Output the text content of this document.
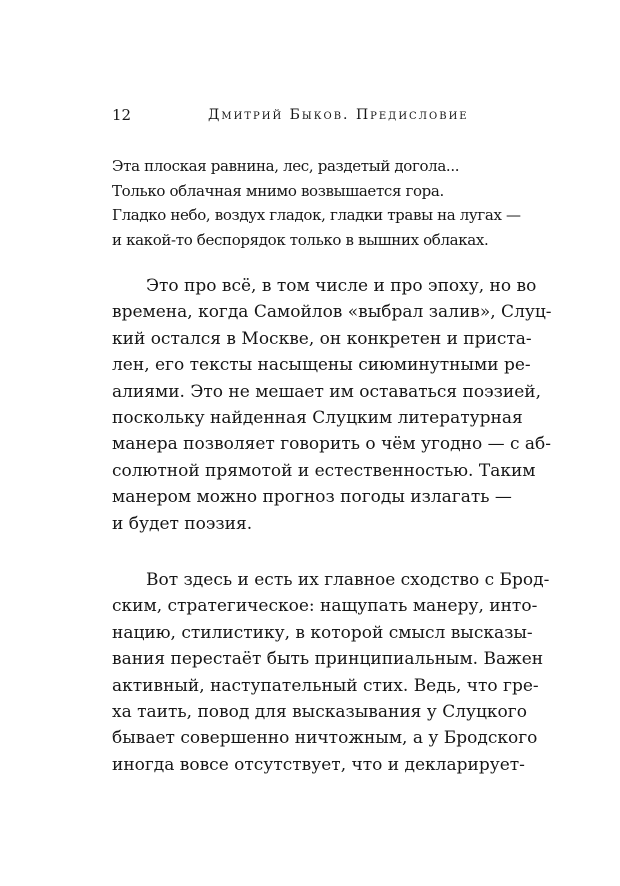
12	Дмитрий Быков. Предисловие
Эта плоская равнина, лес, раздетый догола...
Только облачная мнимо возвышается гора.
Гладко небо, воздух гладок, гладки травы на лугах —
и какой-то беспорядок только в вышних облаках.
Это про всё, в том числе и про эпоху, но во
времена, когда Самойлов «выбрал залив», Слуц-
кий остался в Москве, он конкретен и приста-
лен, его тексты насыщены сиюминутными ре-
алиями. Это не мешает им оставаться поэзией,
поскольку найденная Слуцким литературная
манера позволяет говорить о чём угодно — с аб-
солютной прямотой и естественностью. Таким
манером можно прогноз погоды излагать —
и будет поэзия.
Вот здесь и есть их главное сходство с Брод-
ским, стратегическое: нащупать манеру, инто-
нацию, стилистику, в которой смысл высказы-
вания перестаёт быть принципиальным. Важен
активный, наступательный стих. Ведь, что гре-
ха таить, повод для высказывания у Слуцкого
бывает совершенно ничтожным, а у Бродского
иногда вовсе отсутствует, что и декларирует-
